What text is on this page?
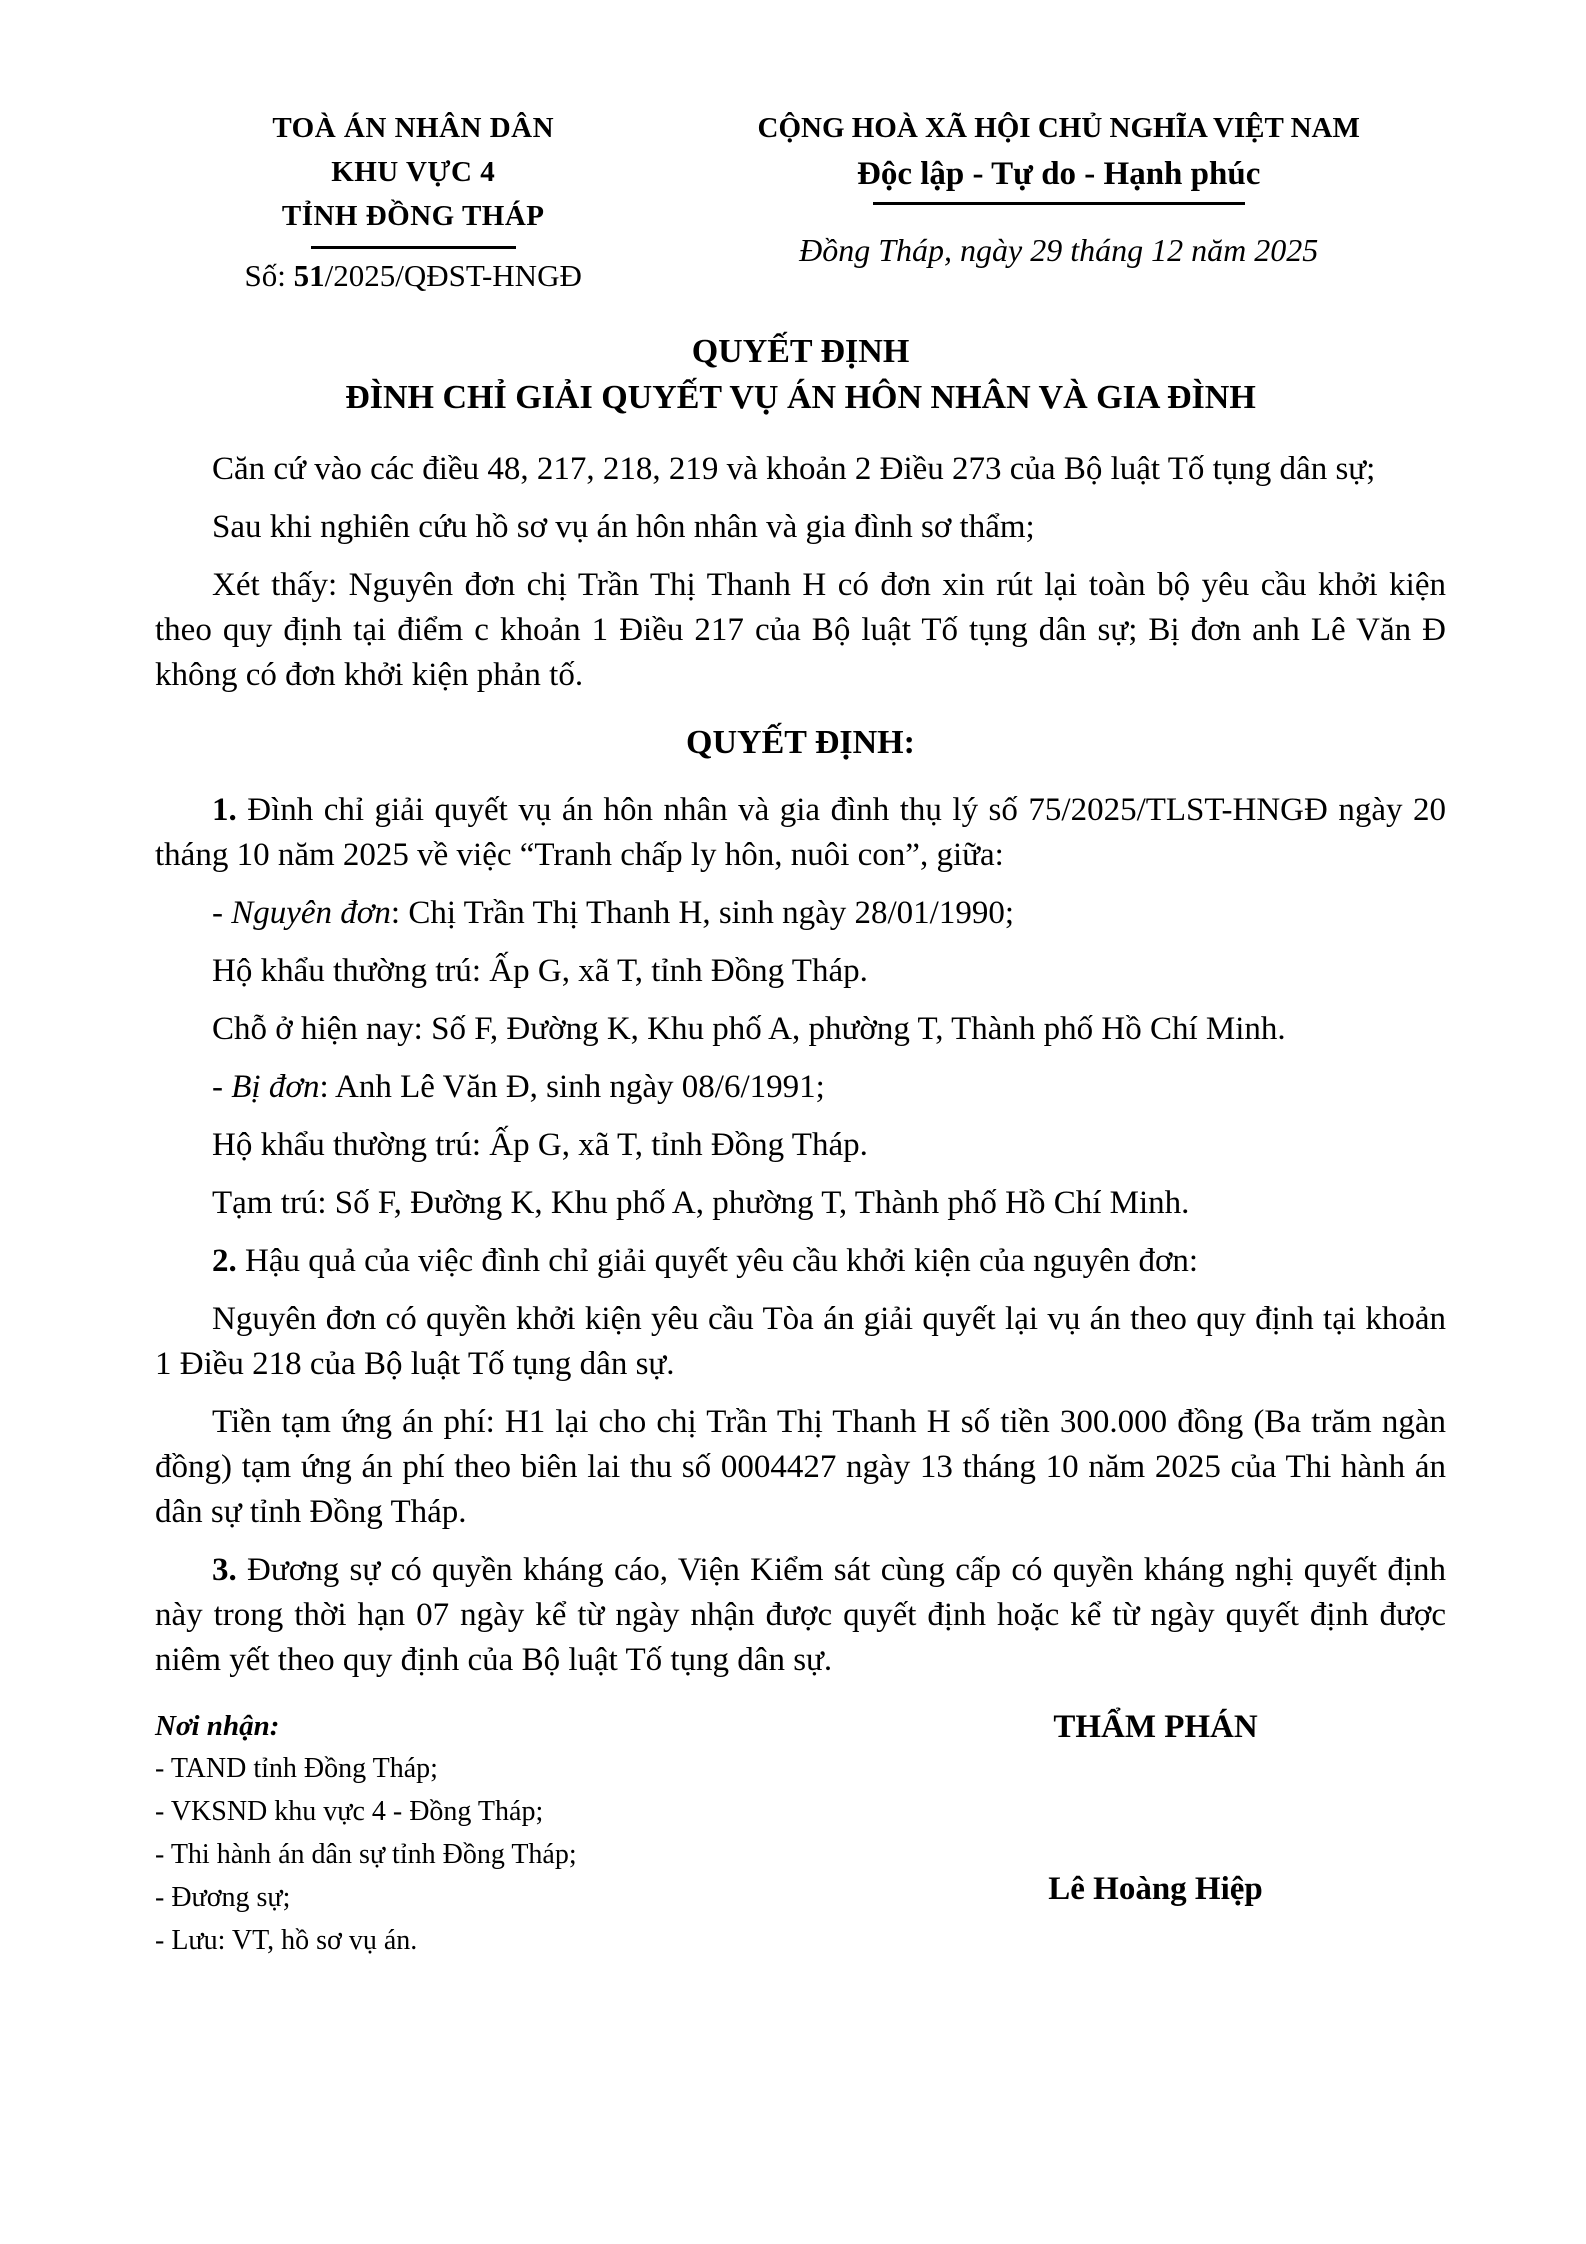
TOÀ ÁN NHÂN DÂN
KHU VỰC 4
TỈNH ĐỒNG THÁP
Số: 51/2025/QĐST-HNGĐ
CỘNG HOÀ XÃ HỘI CHỦ NGHĨA VIỆT NAM
Độc lập - Tự do - Hạnh phúc
Đồng Tháp, ngày 29 tháng 12 năm 2025
QUYẾT ĐỊNH
ĐÌNH CHỈ GIẢI QUYẾT VỤ ÁN HÔN NHÂN VÀ GIA ĐÌNH

Căn cứ vào các điều 48, 217, 218, 219 và khoản 2 Điều 273 của Bộ luật Tố tụng dân sự;

Sau khi nghiên cứu hồ sơ vụ án hôn nhân và gia đình sơ thẩm;

Xét thấy: Nguyên đơn chị Trần Thị Thanh H có đơn xin rút lại toàn bộ yêu cầu khởi kiện theo quy định tại điểm c khoản 1 Điều 217 của Bộ luật Tố tụng dân sự; Bị đơn anh Lê Văn Đ không có đơn khởi kiện phản tố.

QUYẾT ĐỊNH:

1. Đình chỉ giải quyết vụ án hôn nhân và gia đình thụ lý số 75/2025/TLST-HNGĐ ngày 20 tháng 10 năm 2025 về việc “Tranh chấp ly hôn, nuôi con”, giữa:

- Nguyên đơn: Chị Trần Thị Thanh H, sinh ngày 28/01/1990;

Hộ khẩu thường trú: Ấp G, xã T, tỉnh Đồng Tháp.

Chỗ ở hiện nay: Số F, Đường K, Khu phố A, phường T, Thành phố Hồ Chí Minh.

- Bị đơn: Anh Lê Văn Đ, sinh ngày 08/6/1991;

Hộ khẩu thường trú: Ấp G, xã T, tỉnh Đồng Tháp.

Tạm trú: Số F, Đường K, Khu phố A, phường T, Thành phố Hồ Chí Minh.

2. Hậu quả của việc đình chỉ giải quyết yêu cầu khởi kiện của nguyên đơn:

Nguyên đơn có quyền khởi kiện yêu cầu Tòa án giải quyết lại vụ án theo quy định tại khoản 1 Điều 218 của Bộ luật Tố tụng dân sự.

Tiền tạm ứng án phí: H1 lại cho chị Trần Thị Thanh H số tiền 300.000 đồng (Ba trăm ngàn đồng) tạm ứng án phí theo biên lai thu số 0004427 ngày 13 tháng 10 năm 2025 của Thi hành án dân sự tỉnh Đồng Tháp.

3. Đương sự có quyền kháng cáo, Viện Kiểm sát cùng cấp có quyền kháng nghị quyết định này trong thời hạn 07 ngày kể từ ngày nhận được quyết định hoặc kể từ ngày quyết định được niêm yết theo quy định của Bộ luật Tố tụng dân sự.

Nơi nhận:
- TAND tỉnh Đồng Tháp;
- VKSND khu vực 4 - Đồng Tháp;
- Thi hành án dân sự tỉnh Đồng Tháp;
- Đương sự;
- Lưu: VT, hồ sơ vụ án.
THẨM PHÁN
Lê Hoàng Hiệp
